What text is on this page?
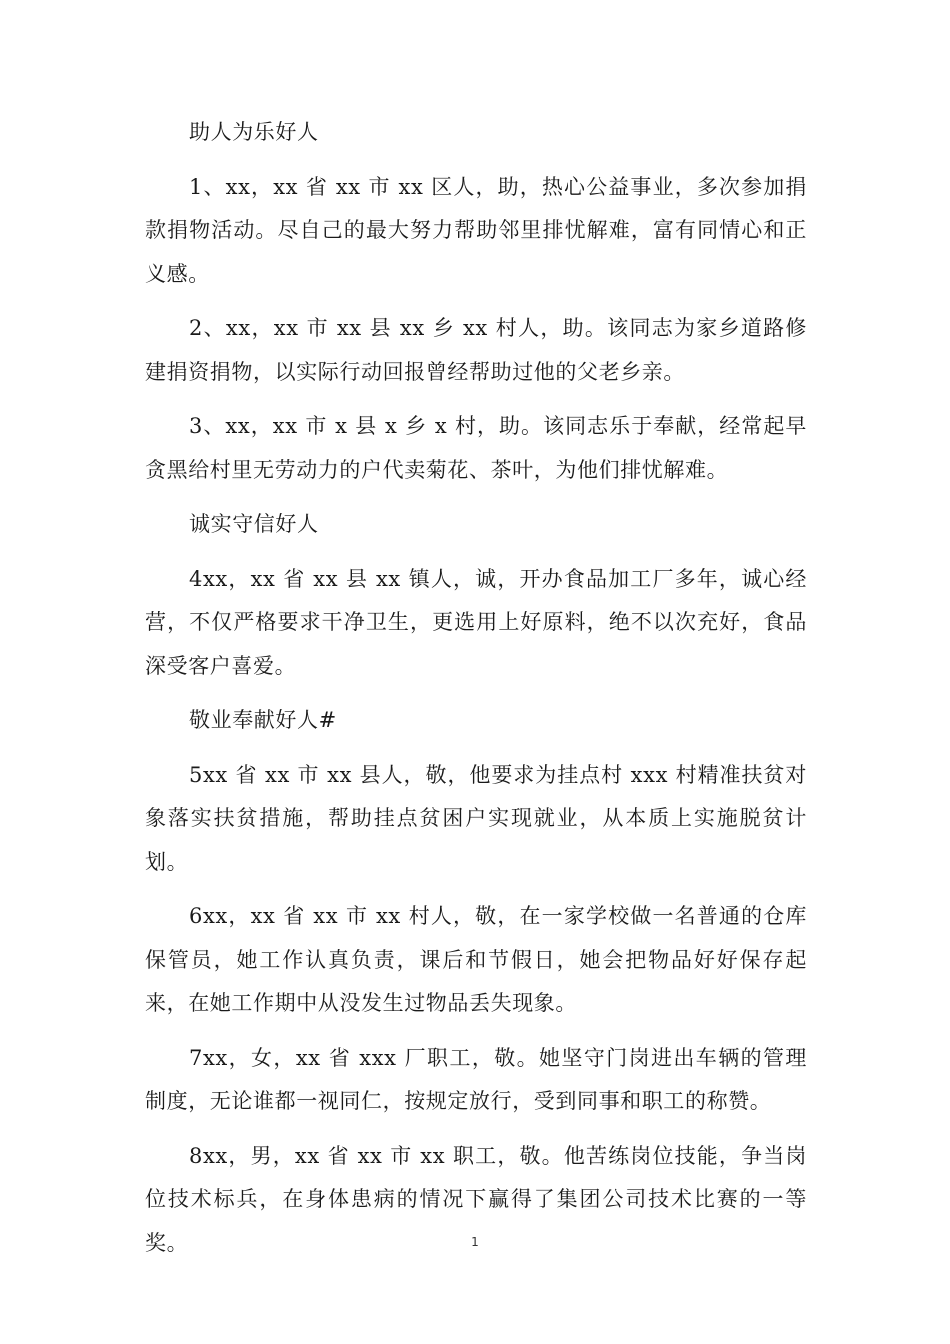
助人为乐好人

1、xx，xx 省 xx 市 xx 区人，助，热心公益事业，多次参加捐款捐物活动。尽自己的最大努力帮助邻里排忧解难，富有同情心和正义感。

2、xx，xx 市 xx 县 xx 乡 xx 村人，助。该同志为家乡道路修建捐资捐物，以实际行动回报曾经帮助过他的父老乡亲。

3、xx，xx 市 x 县 x 乡 x 村，助。该同志乐于奉献，经常起早贪黑给村里无劳动力的户代卖菊花、茶叶，为他们排忧解难。

诚实守信好人

4xx，xx 省 xx 县 xx 镇人，诚，开办食品加工厂多年，诚心经营，不仅严格要求干净卫生，更选用上好原料，绝不以次充好，食品深受客户喜爱。

敬业奉献好人#

5xx 省 xx 市 xx 县人，敬，他要求为挂点村 xxx 村精准扶贫对象落实扶贫措施，帮助挂点贫困户实现就业，从本质上实施脱贫计划。

6xx，xx 省 xx 市 xx 村人，敬，在一家学校做一名普通的仓库保管员，她工作认真负责，课后和节假日，她会把物品好好保存起来，在她工作期中从没发生过物品丢失现象。

7xx，女，xx 省 xxx 厂职工，敬。她坚守门岗进出车辆的管理制度，无论谁都一视同仁，按规定放行，受到同事和职工的称赞。

8xx，男，xx 省 xx 市 xx 职工，敬。他苦练岗位技能，争当岗位技术标兵，在身体患病的情况下赢得了集团公司技术比赛的一等奖。	1
